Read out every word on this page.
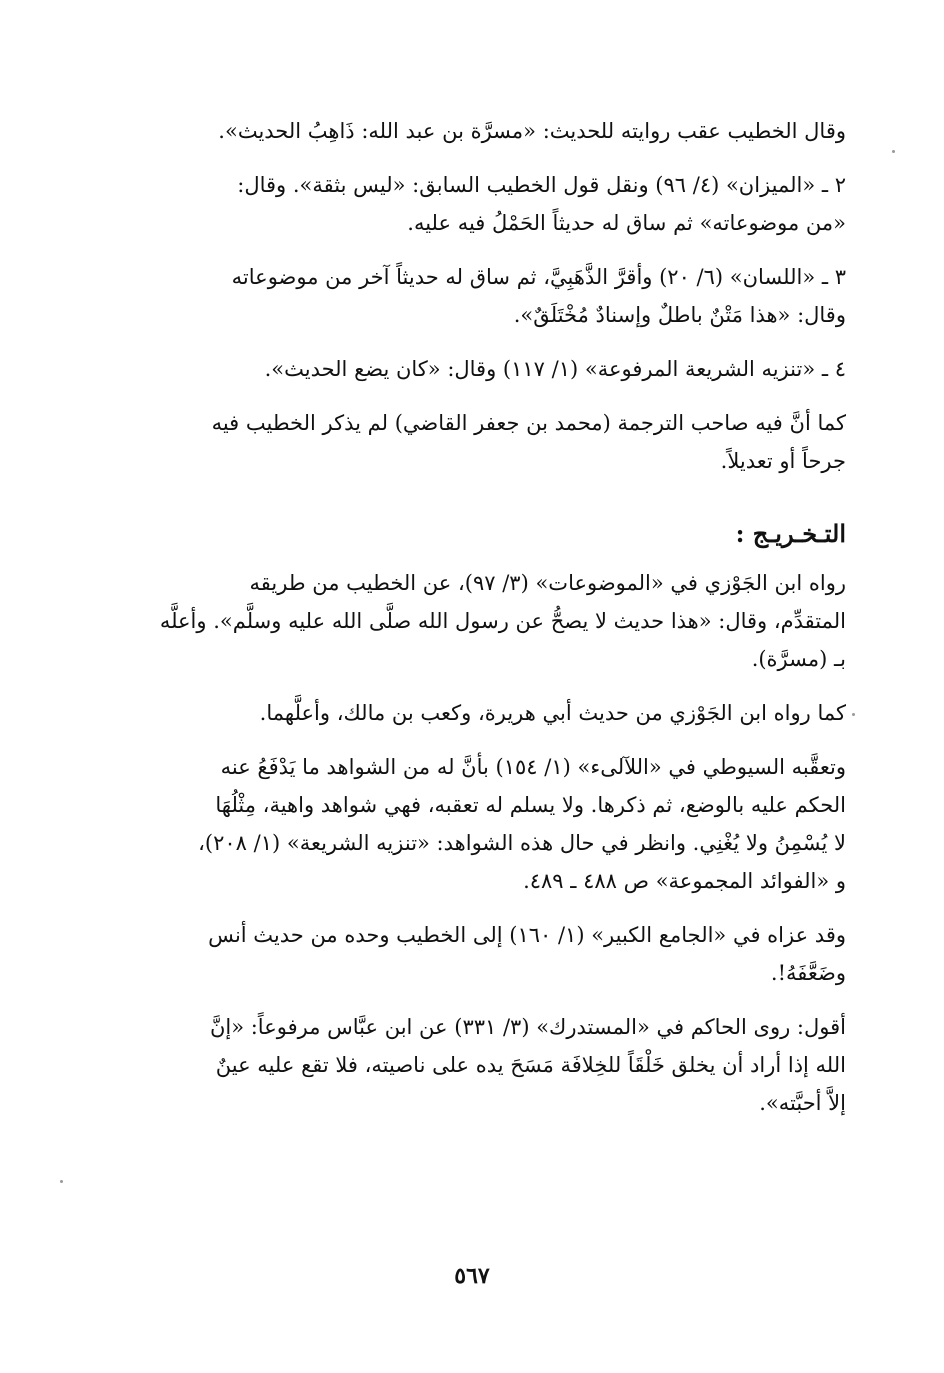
وقال الخطيب عقب روايته للحديث: «مسرَّة بن عبد الله: ذَاهِبُ الحديث».
٢ ـ «الميزان» (٤/ ٩٦) ونقل قول الخطيب السابق: «ليس بثقة». وقال:
«من موضوعاته» ثم ساق له حديثاً الحَمْلُ فيه عليه.
٣ ـ «اللسان» (٦/ ٢٠) وأقرَّ الذَّهَبِيَّ، ثم ساق له حديثاً آخر من موضوعاته
وقال: «هذا مَتْنٌ باطلٌ وإسنادٌ مُخْتَلَقٌ».
٤ ـ «تنزيه الشريعة المرفوعة» (١/ ١١٧) وقال: «كان يضع الحديث».
كما أنَّ فيه صاحب الترجمة (محمد بن جعفر القاضي) لم يذكر الخطيب فيه
جرحاً أو تعديلاً.
التـخـريـج :
رواه ابن الجَوْزي في «الموضوعات» (٣/ ٩٧)، عن الخطيب من طريقه
المتقدِّم، وقال: «هذا حديث لا يصحُّ عن رسول الله صلَّى الله عليه وسلَّم». وأعلَّه
بـ (مسرَّة).
كما رواه ابن الجَوْزي من حديث أبي هريرة، وكعب بن مالك، وأعلَّهما.
وتعقَّبه السيوطي في «اللآلىء» (١/ ١٥٤) بأنَّ له من الشواهد ما يَدْفَعُ عنه
الحكم عليه بالوضع، ثم ذكرها. ولا يسلم له تعقبه، فهي شواهد واهية، مِثْلُهَا
لا يُسْمِنُ ولا يُغْنِي. وانظر في حال هذه الشواهد: «تنزيه الشريعة» (١/ ٢٠٨)،
و «الفوائد المجموعة» ص ٤٨٨ ـ ٤٨٩.
وقد عزاه في «الجامع الكبير» (١/ ١٦٠) إلى الخطيب وحده من حديث أنس
وضَعَّفَهُ!.
أقول: روى الحاكم في «المستدرك» (٣/ ٣٣١) عن ابن عبَّاس مرفوعاً: «إنَّ
الله إذا أراد أن يخلق خَلْقَاً للخِلافَة مَسَحَ يده على ناصيته، فلا تقع عليه عينٌ
إلاَّ أحبَّته».
٥٦٧
